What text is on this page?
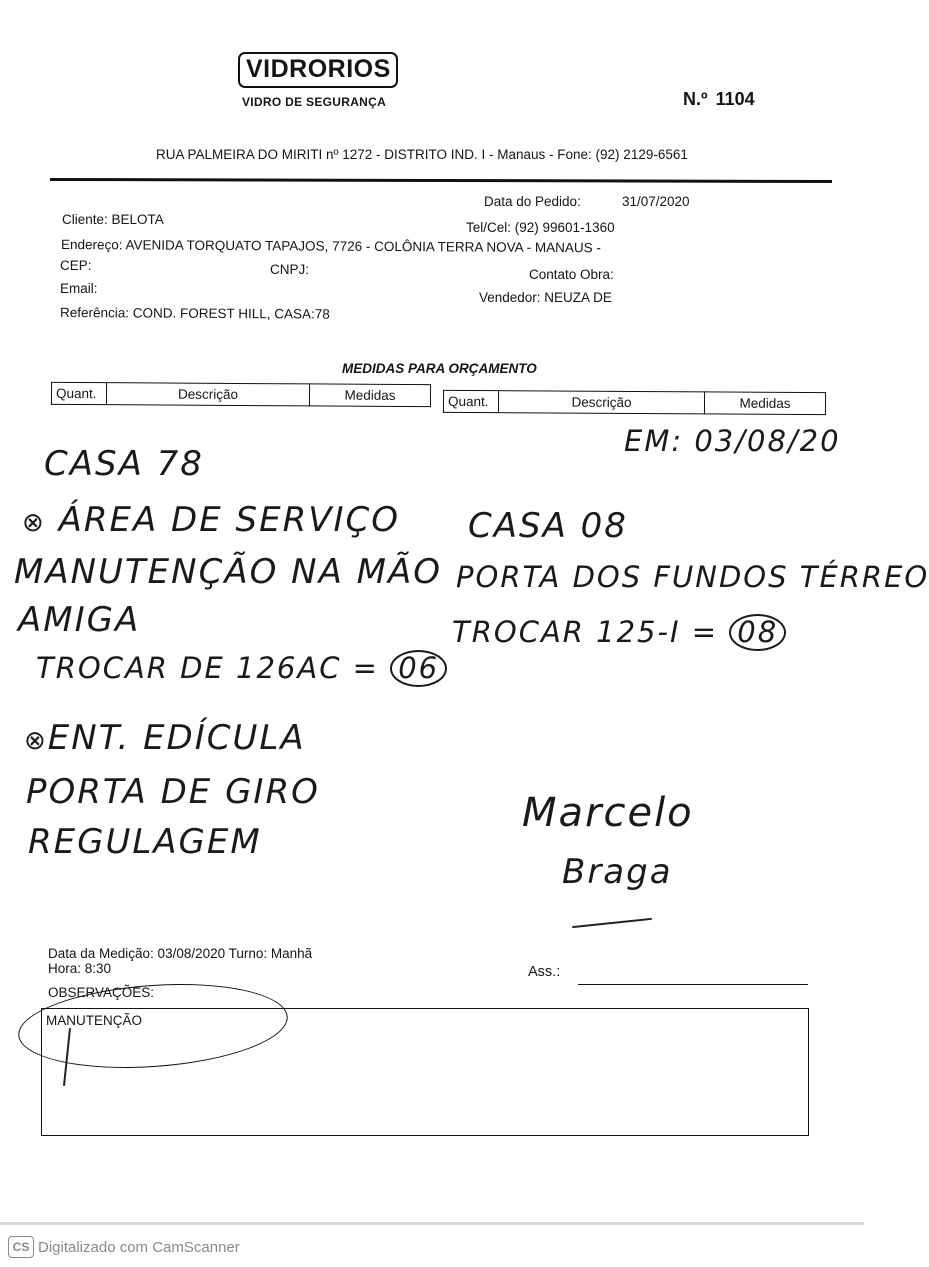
VIDRORIOS
VIDRO DE SEGURANÇA	N.º 1104
RUA PALMEIRA DO MIRITI nº 1272 - DISTRITO IND. I - Manaus - Fone: (92) 2129-6561
Data do Pedido:	31/07/2020
Cliente: BELOTA
Tel/Cel: (92) 99601-1360
Endereço: AVENIDA TORQUATO TAPAJOS, 7726 - COLÔNIA TERRA NOVA - MANAUS -
CEP:	CNPJ:	Contato Obra:
Email:
Vendedor: NEUZA DE
Referência: COND. FOREST HILL, CASA:78
MEDIDAS PARA ORÇAMENTO
Quant.	Descrição	Medidas	Quant.	Descrição	Medidas
EM: 03/08/20
CASA 78
⊗ ÁREA DE SERVIÇO
MANUTENÇÃO NA MÃO
AMIGA
TROCAR DE 126AC = 06
⊗ENT. EDÍCULA
PORTA DE GIRO
REGULAGEM
CASA 08
PORTA DOS FUNDOS TÉRREO
TROCAR 125-I = 08
Marcelo
Braga
Data da Medição: 03/08/2020 Turno: Manhã
Hora: 8:30	Ass.:
OBSERVAÇÕES:
MANUTENÇÃO
CS Digitalizado com CamScanner
